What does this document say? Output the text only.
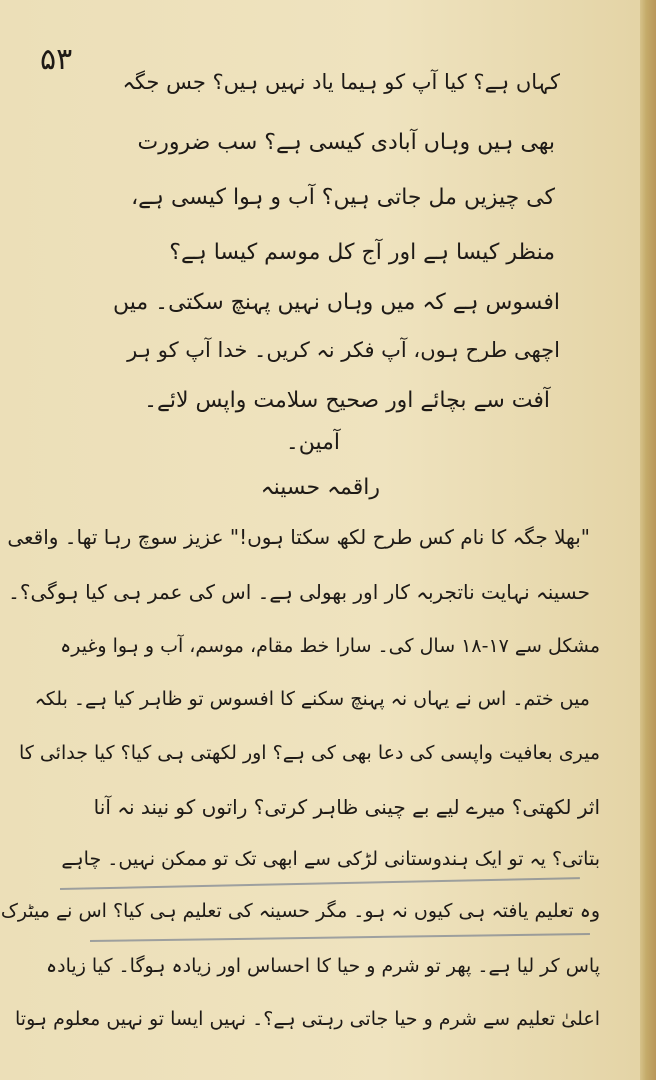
۵۳
کہاں ہے؟ کیا آپ کو ہیما یاد نہیں ہیں؟ جس جگہ
بھی ہیں وہاں آبادی کیسی ہے؟ سب ضرورت
کی چیزیں مل جاتی ہیں؟ آب و ہوا کیسی ہے،
منظر کیسا ہے اور آج کل موسم کیسا ہے؟
افسوس ہے کہ میں وہاں نہیں پہنچ سکتی۔ میں
اچھی طرح ہوں، آپ فکر نہ کریں۔ خدا آپ کو ہر
آفت سے بچائے اور صحیح سلامت واپس لائے۔
آمین۔
راقمہ حسینہ
"بھلا جگہ کا نام کس طرح لکھ سکتا ہوں!" عزیز سوچ رہا تھا۔ واقعی
حسینہ نہایت ناتجربہ کار اور بھولی ہے۔ اس کی عمر ہی کیا ہوگی؟۔
مشکل سے ۱۷-۱۸ سال کی۔ سارا خط مقام، موسم، آب و ہوا وغیرہ
میں ختم۔ اس نے یہاں نہ پہنچ سکنے کا افسوس تو ظاہر کیا ہے۔ بلکہ
میری بعافیت واپسی کی دعا بھی کی ہے؟ اور لکھتی ہی کیا؟ کیا جدائی کا
اثر لکھتی؟ میرے لیے بے چینی ظاہر کرتی؟ راتوں کو نیند نہ آنا
بتاتی؟ یہ تو ایک ہندوستانی لڑکی سے ابھی تک تو ممکن نہیں۔ چاہے
وہ تعلیم یافتہ ہی کیوں نہ ہو۔ مگر حسینہ کی تعلیم ہی کیا؟ اس نے میٹرک
پاس کر لیا ہے۔ پھر تو شرم و حیا کا احساس اور زیادہ ہوگا۔ کیا زیادہ
اعلیٰ تعلیم سے شرم و حیا جاتی رہتی ہے؟۔ نہیں ایسا تو نہیں معلوم ہوتا
